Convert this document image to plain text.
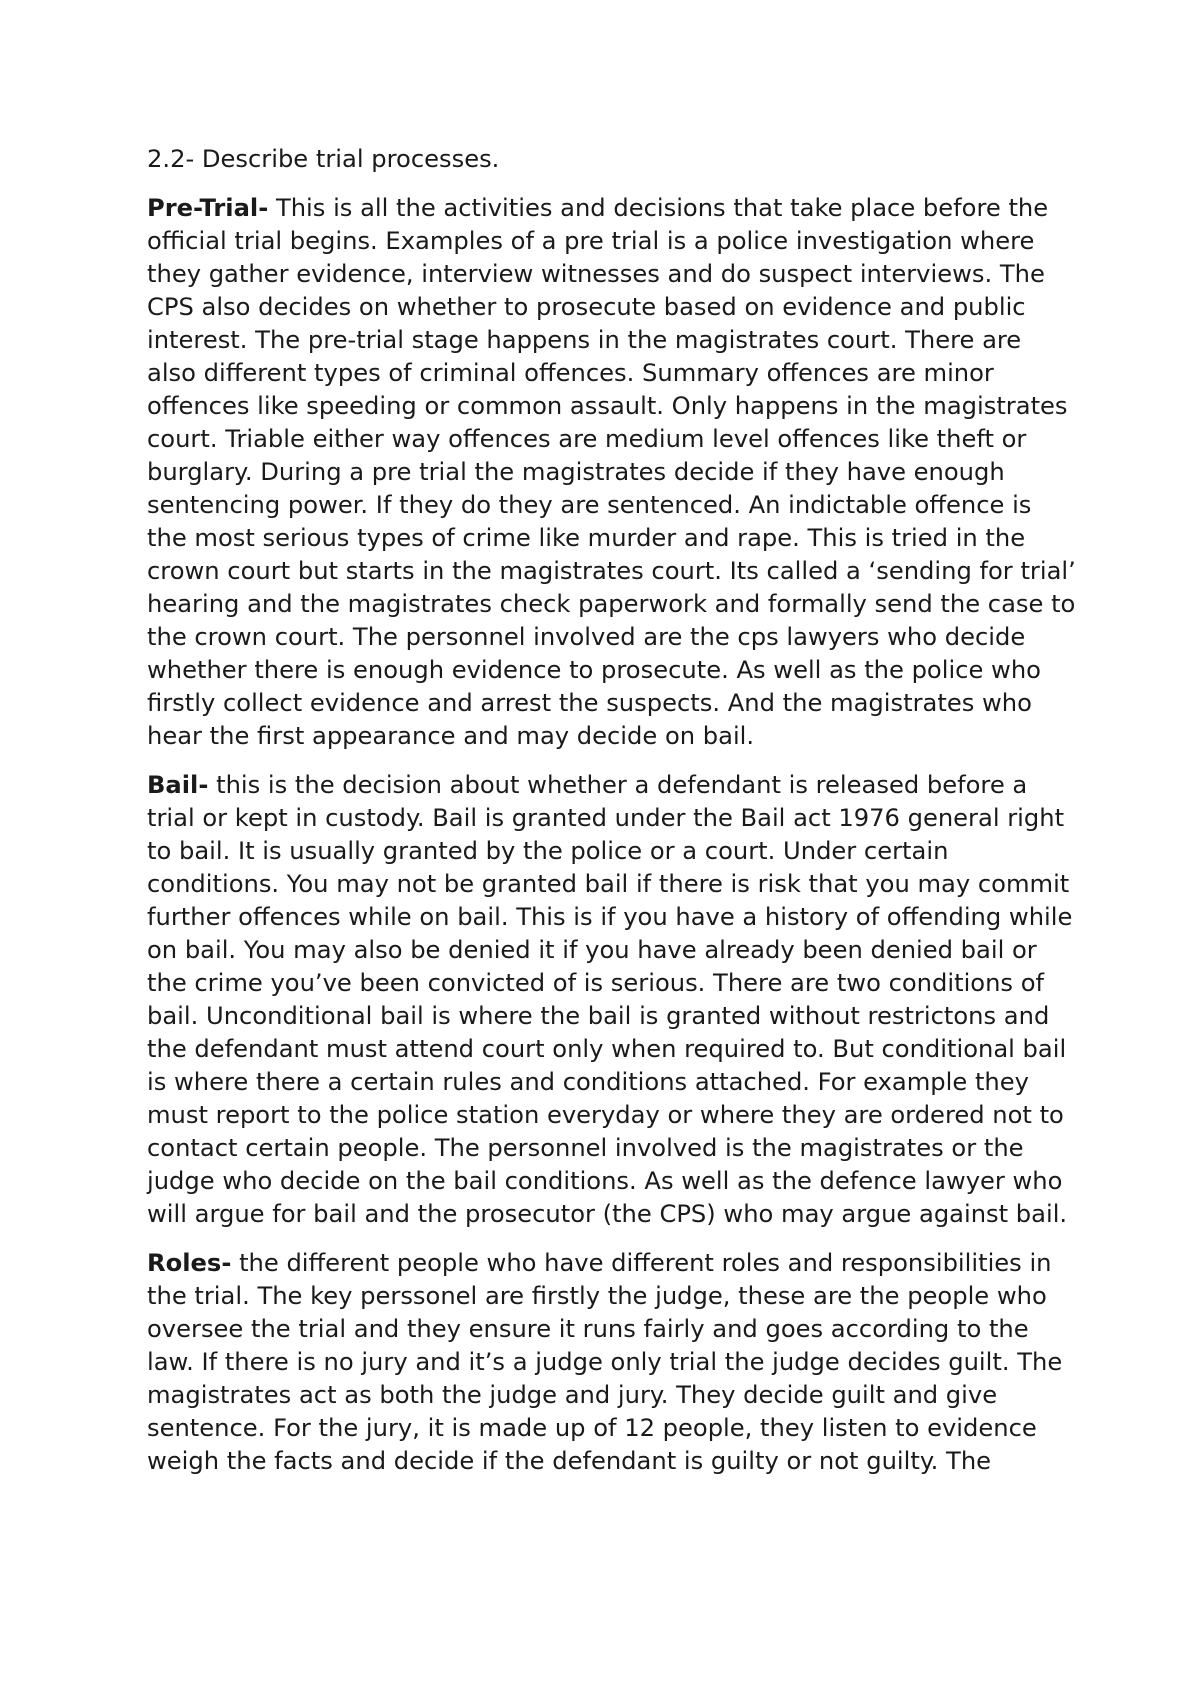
2.2- Describe trial processes.

Pre-Trial- This is all the activities and decisions that take place before the official trial begins. Examples of a pre trial is a police investigation where they gather evidence, interview witnesses and do suspect interviews. The CPS also decides on whether to prosecute based on evidence and public interest. The pre-trial stage happens in the magistrates court. There are also different types of criminal offences. Summary offences are minor offences like speeding or common assault. Only happens in the magistrates court. Triable either way offences are medium level offences like theft or burglary. During a pre trial the magistrates decide if they have enough sentencing power. If they do they are sentenced. An indictable offence is the most serious types of crime like murder and rape. This is tried in the crown court but starts in the magistrates court. Its called a ‘sending for trial’ hearing and the magistrates check paperwork and formally send the case to the crown court. The personnel involved are the cps lawyers who decide whether there is enough evidence to prosecute. As well as the police who firstly collect evidence and arrest the suspects. And the magistrates who hear the first appearance and may decide on bail.

Bail- this is the decision about whether a defendant is released before a trial or kept in custody. Bail is granted under the Bail act 1976 general right to bail. It is usually granted by the police or a court. Under certain conditions. You may not be granted bail if there is risk that you may commit further offences while on bail. This is if you have a history of offending while on bail. You may also be denied it if you have already been denied bail or the crime you’ve been convicted of is serious. There are two conditions of bail. Unconditional bail is where the bail is granted without restrictons and the defendant must attend court only when required to. But conditional bail is where there a certain rules and conditions attached. For example they must report to the police station everyday or where they are ordered not to contact certain people. The personnel involved is the magistrates or the judge who decide on the bail conditions. As well as the defence lawyer who will argue for bail and the prosecutor (the CPS) who may argue against bail.

Roles- the different people who have different roles and responsibilities in the trial. The key perssonel are firstly the judge, these are the people who oversee the trial and they ensure it runs fairly and goes according to the law. If there is no jury and it’s a judge only trial the judge decides guilt. The magistrates act as both the judge and jury. They decide guilt and give sentence. For the jury, it is made up of 12 people, they listen to evidence weigh the facts and decide if the defendant is guilty or not guilty. The
